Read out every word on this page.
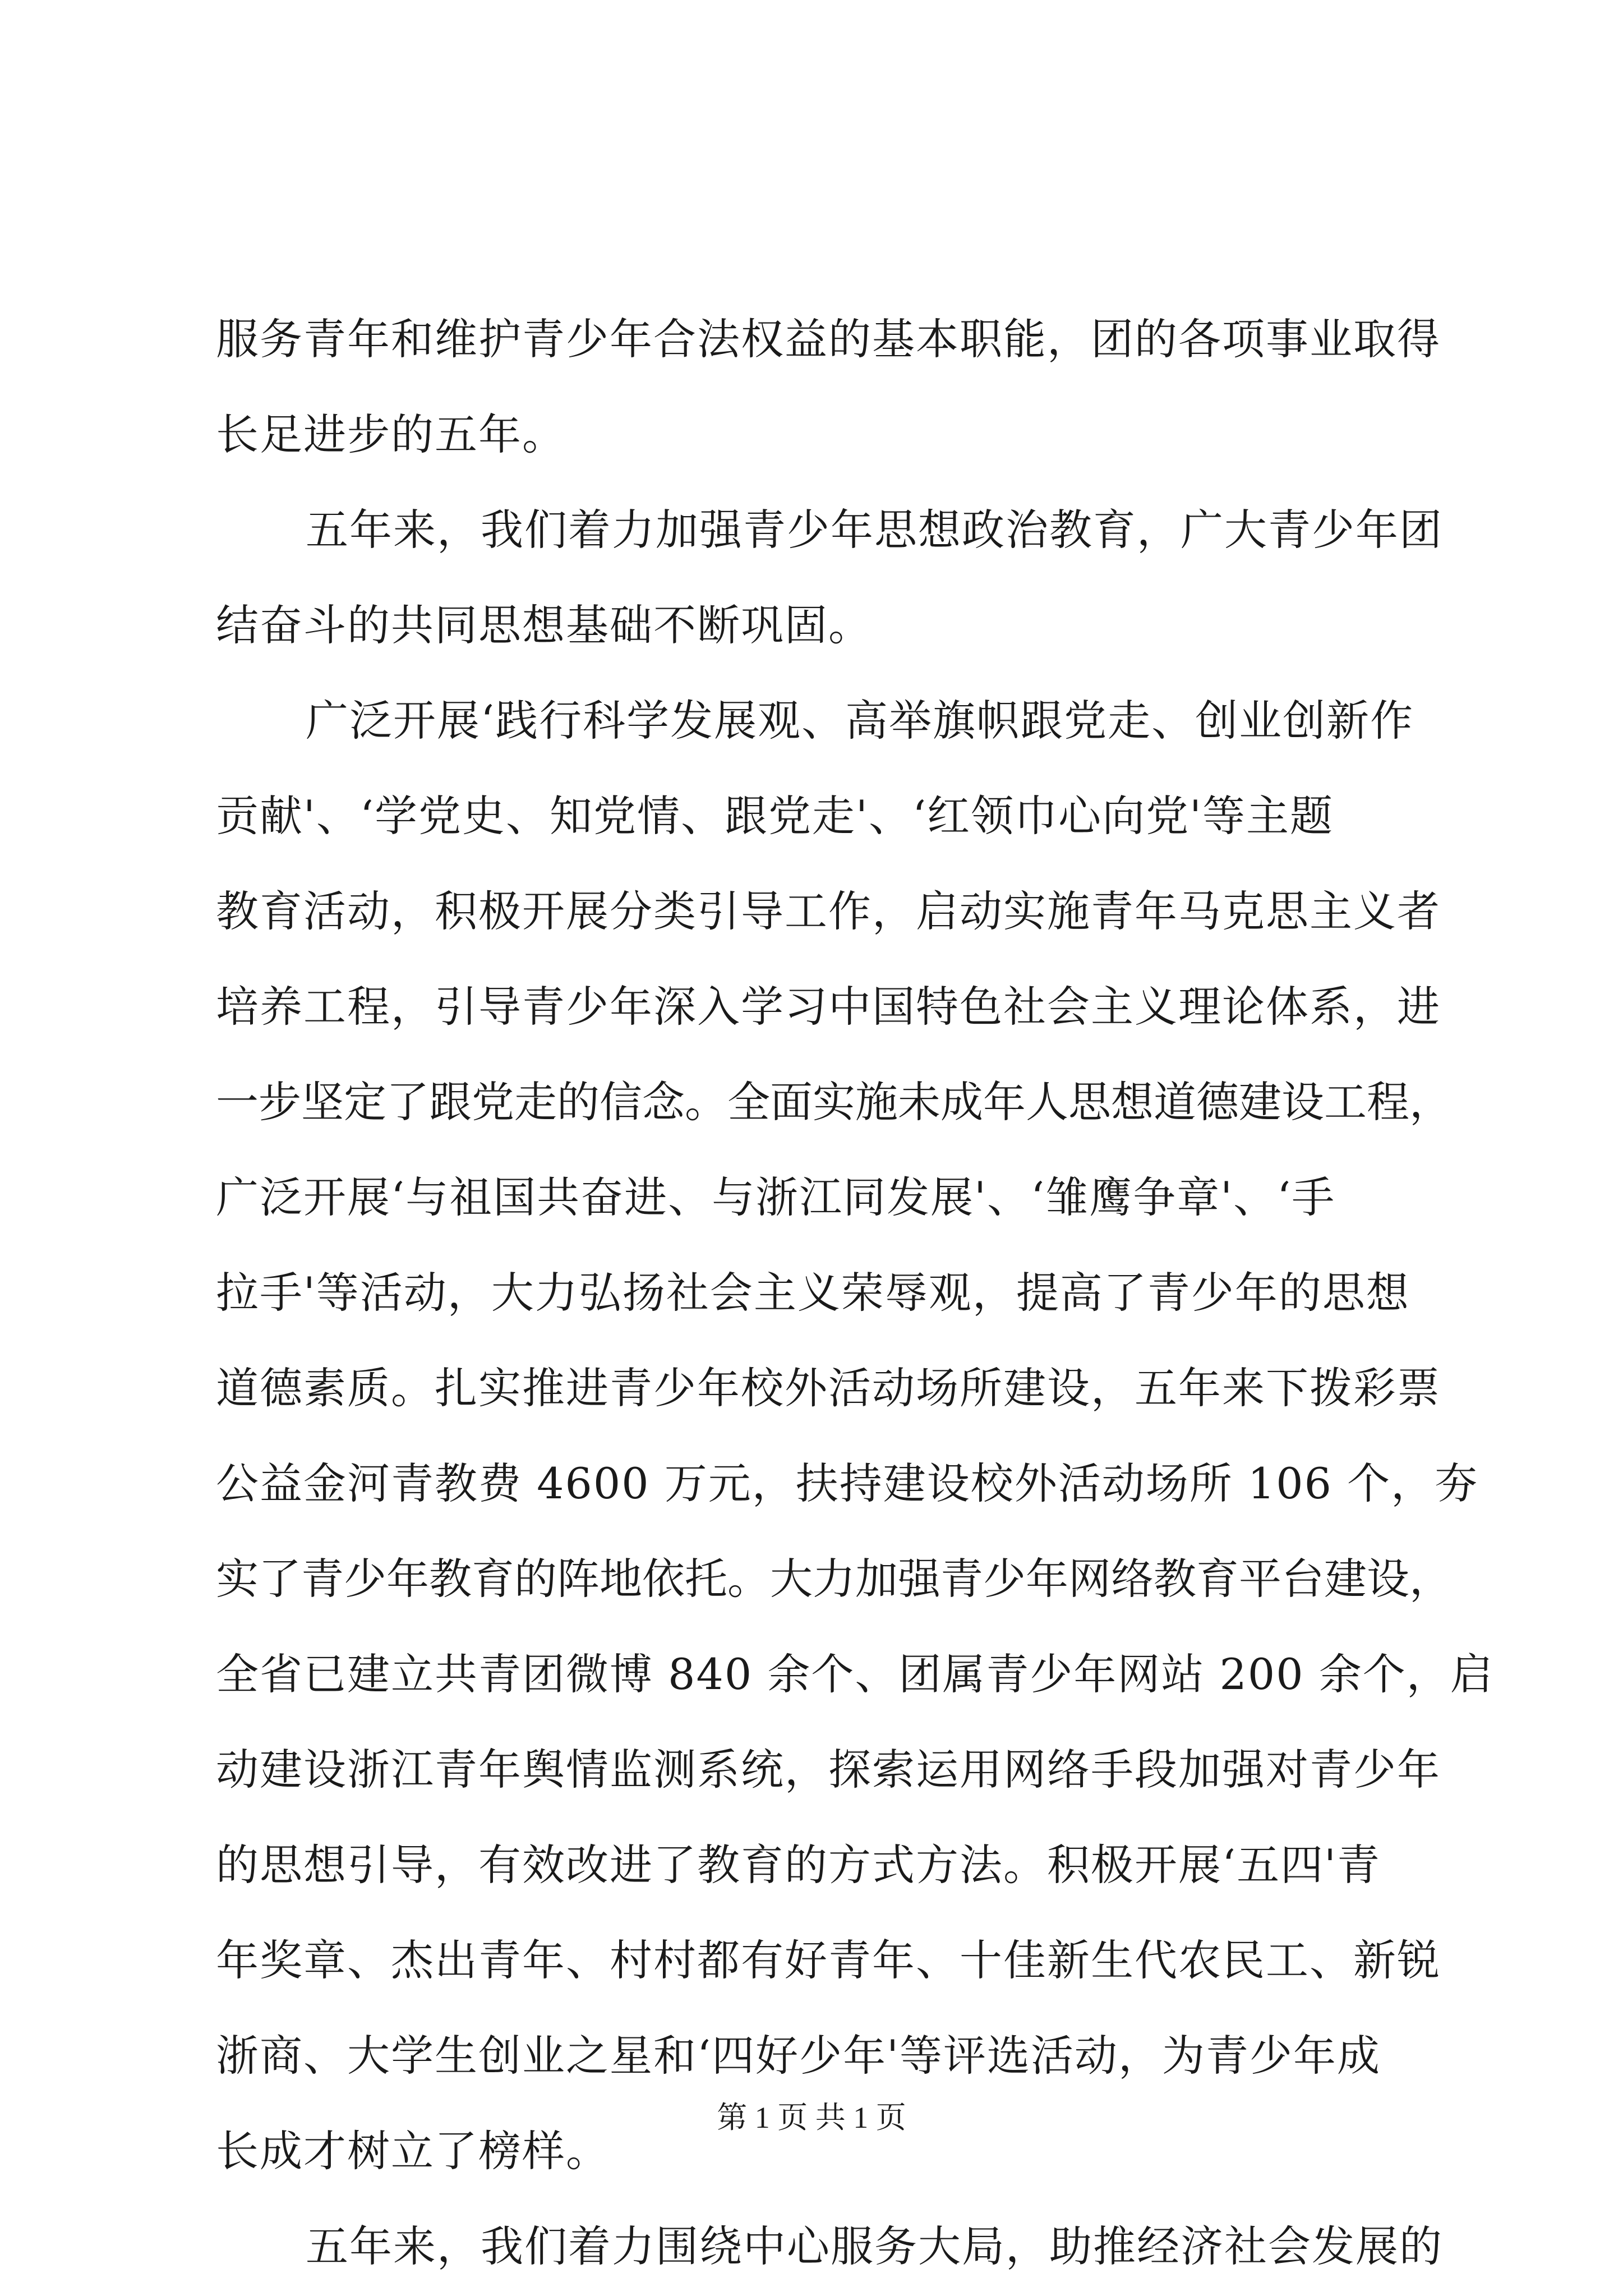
服务青年和维护青少年合法权益的基本职能，团的各项事业取得
长足进步的五年。
五年来，我们着力加强青少年思想政治教育，广大青少年团
结奋斗的共同思想基础不断巩固。
广泛开展‘践行科学发展观、高举旗帜跟党走、创业创新作
贡献'、‘学党史、知党情、跟党走'、‘红领巾心向党'等主题
教育活动，积极开展分类引导工作，启动实施青年马克思主义者
培养工程，引导青少年深入学习中国特色社会主义理论体系，进
一步坚定了跟党走的信念。全面实施未成年人思想道德建设工程，
广泛开展‘与祖国共奋进、与浙江同发展'、‘雏鹰争章'、‘手
拉手'等活动，大力弘扬社会主义荣辱观，提高了青少年的思想
道德素质。扎实推进青少年校外活动场所建设，五年来下拨彩票
公益金河青教费 4600 万元，扶持建设校外活动场所 106 个，夯
实了青少年教育的阵地依托。大力加强青少年网络教育平台建设，
全省已建立共青团微博 840 余个、团属青少年网站 200 余个，启
动建设浙江青年舆情监测系统，探索运用网络手段加强对青少年
的思想引导，有效改进了教育的方式方法。积极开展‘五四'青
年奖章、杰出青年、村村都有好青年、十佳新生代农民工、新锐
浙商、大学生创业之星和‘四好少年'等评选活动，为青少年成
长成才树立了榜样。
五年来，我们着力围绕中心服务大局，助推经济社会发展的
第 1 页 共 1 页
